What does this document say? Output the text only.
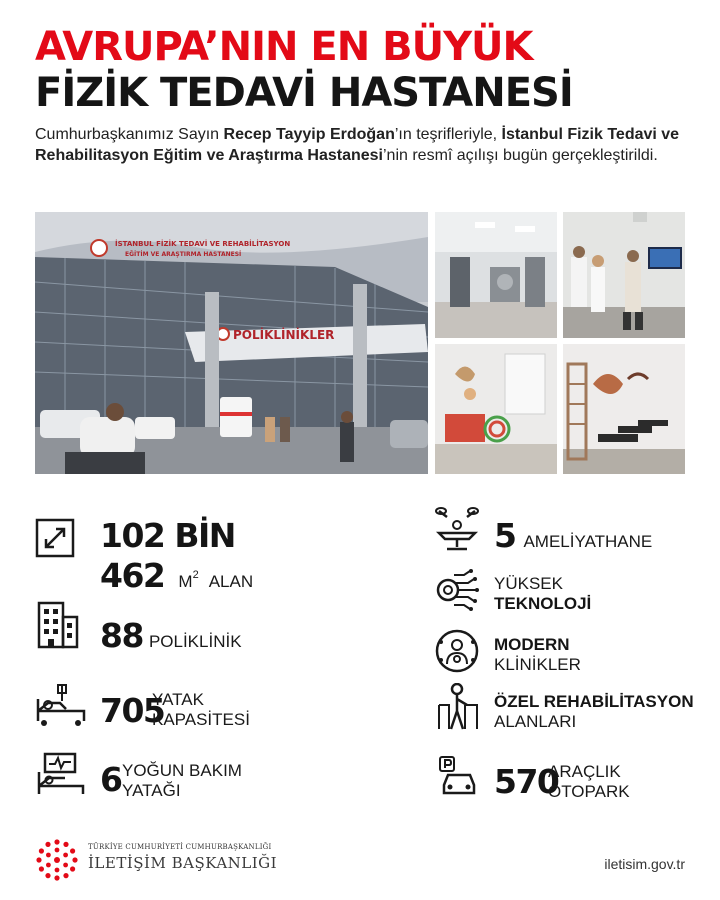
AVRUPA’NIN EN BÜYÜK
FİZİK TEDAVİ HASTANESİ
Cumhurbaşkanımız Sayın Recep Tayyip Erdoğan’ın teşrifleriyle, İstanbul Fizik Tedavi ve Rehabilitasyon Eğitim ve Araştırma Hastanesi’nin resmî açılışı bugün gerçekleştirildi.
İSTANBUL FİZİK TEDAVİ VE REHABİLİTASYON
EĞİTİM VE ARAŞTIRMA HASTANESİ
POLİKLİNİKLER
102 BİN
462 M 2 ALAN
88 POLİKLİNİK
705
YATAK
KAPASİTESİ
6 YOĞUN BAKIM
YATAĞI
5 AMELİYATHANE
YÜKSEK
TEKNOLOJİ
MODERN
KLİNİKLER
ÖZEL REHABİLİTASYON
ALANLARI
570
ARAÇLIK
OTOPARK
TÜRKİYE CUMHURİYETİ CUMHURBAŞKANLIĞI
İLETİŞİM BAŞKANLIĞI	iletisim.gov.tr
